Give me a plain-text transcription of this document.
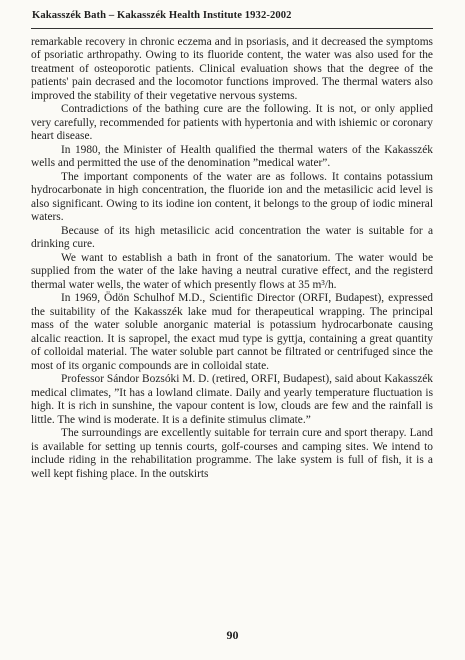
Kakasszék Bath – Kakasszék Health Institute 1932-2002

remarkable recovery in chronic eczema and in psoriasis, and it decreased the symptoms of psoriatic arthropathy. Owing to its fluoride content, the water was also used for the treatment of osteoporotic patients. Clinical evaluation shows that the degree of the patients' pain decrased and the locomotor functions improved. The thermal waters also improved the stability of their vegetative nervous systems.

Contradictions of the bathing cure are the following. It is not, or only applied very carefully, recommended for patients with hypertonia and with ishiemic or coronary heart disease.

In 1980, the Minister of Health qualified the thermal waters of the Kakasszék wells and permitted the use of the denomination ”medical water”.

The important components of the water are as follows. It contains potassium hydrocarbonate in high concentration, the fluoride ion and the metasilicic acid level is also significant. Owing to its iodine ion content, it belongs to the group of iodic mineral waters.

Because of its high metasilicic acid concentration the water is suitable for a drinking cure.

We want to establish a bath in front of the sanatorium. The water would be supplied from the water of the lake having a neutral curative effect, and the registerd thermal water wells, the water of which presently flows at 35 m³/h.

In 1969, Ödön Schulhof M.D., Scientific Director (ORFI, Budapest), expressed the suitability of the Kakasszék lake mud for therapeutical wrapping. The principal mass of the water soluble anorganic material is potassium hydrocarbonate causing alcalic reaction. It is sapropel, the exact mud type is gyttja, containing a great quantity of colloidal material. The water soluble part cannot be filtrated or centrifuged since the most of its organic compounds are in colloidal state.

Professor Sándor Bozsóki M. D. (retired, ORFI, Budapest), said about Kakasszék medical climates, ”It has a lowland climate. Daily and yearly temperature fluctuation is high. It is rich in sunshine, the vapour content is low, clouds are few and the rainfall is little. The wind is moderate. It is a definite stimulus climate.”

The surroundings are excellently suitable for terrain cure and sport therapy. Land is available for setting up tennis courts, golf-courses and camping sites. We intend to include riding in the rehabilitation programme. The lake system is full of fish, it is a well kept fishing place. In the outskirts

90
